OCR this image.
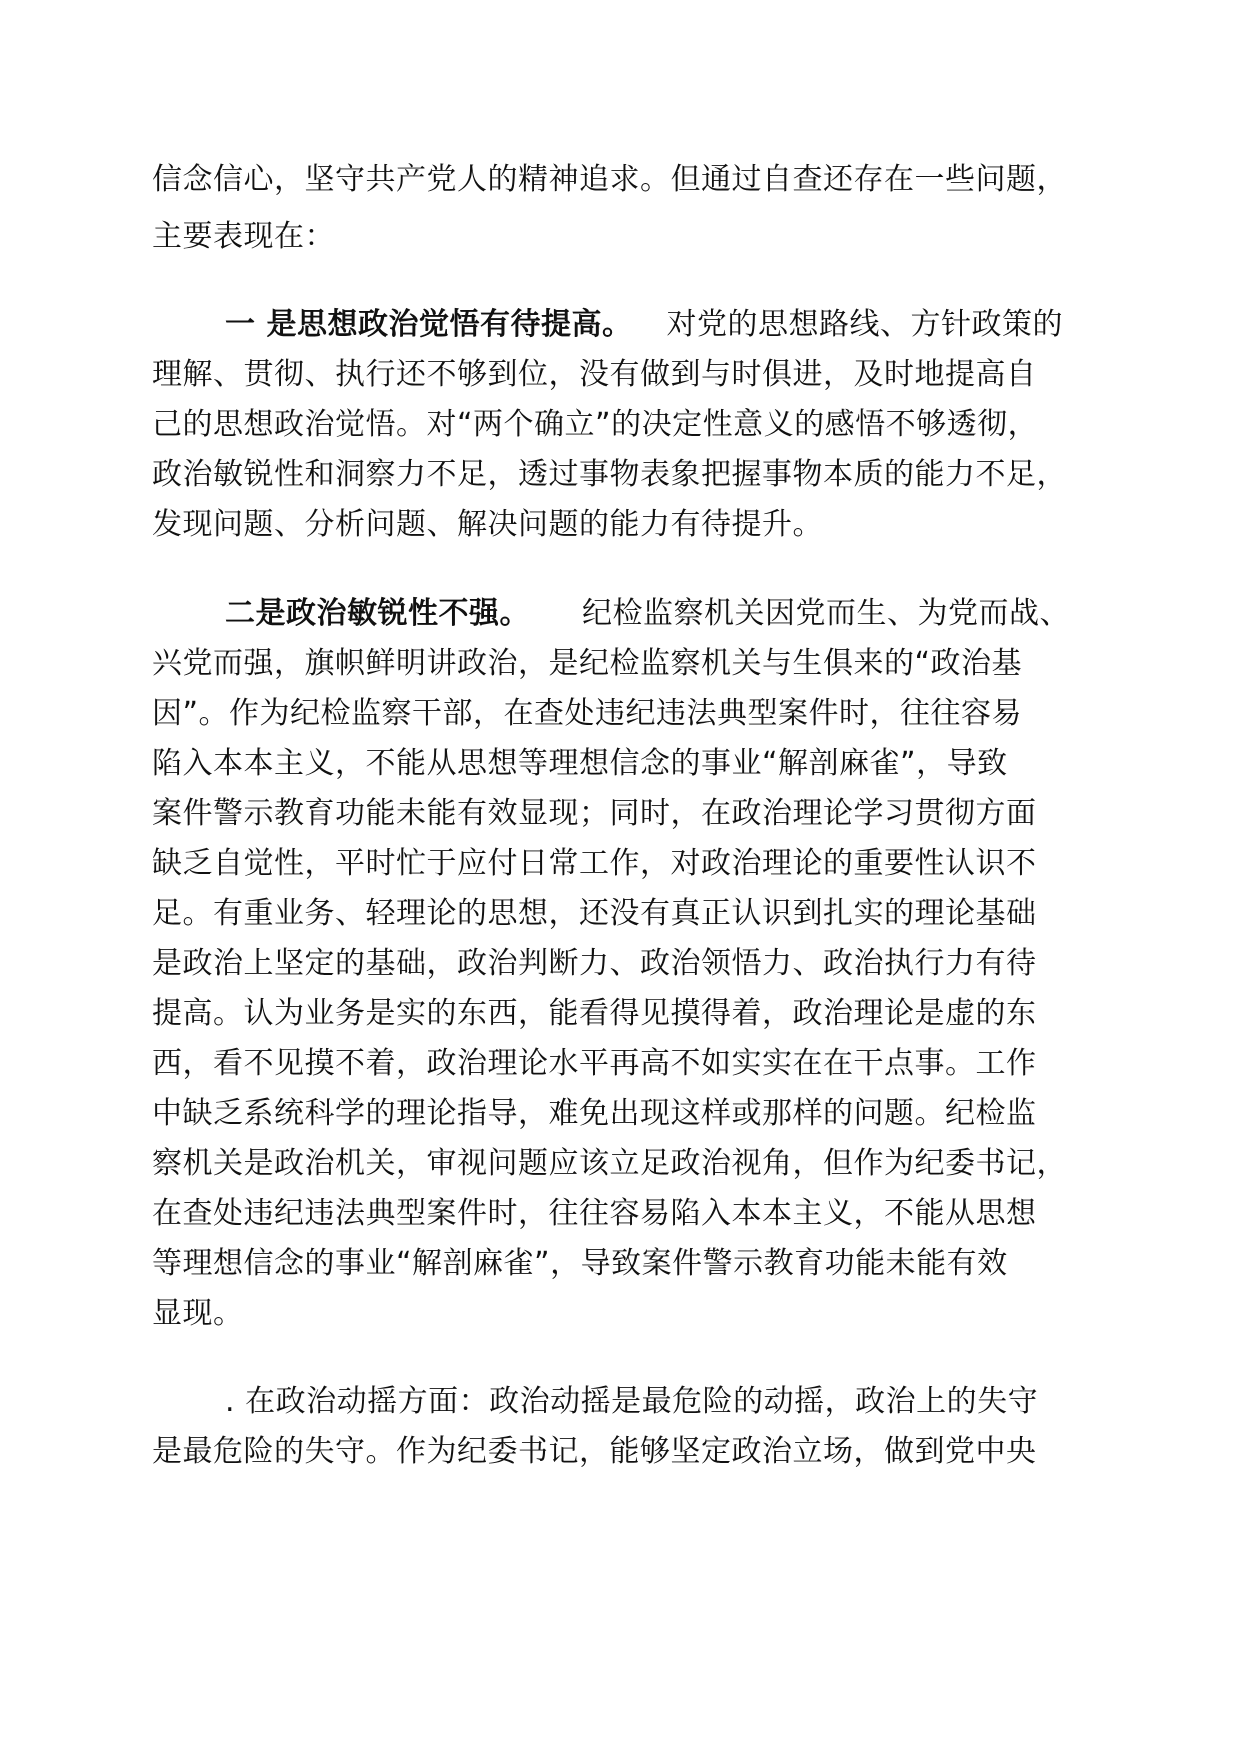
信念信心，坚守共产党人的精神追求。但通过自查还存在一些问题，
主要表现在：
一 是思想政治觉悟有待提高。 对党的思想路线、方针政策的
理解、贯彻、执行还不够到位，没有做到与时俱进，及时地提高自
己的思想政治觉悟。对“两个确立”的决定性意义的感悟不够透彻，
政治敏锐性和洞察力不足，透过事物表象把握事物本质的能力不足，
发现问题、分析问题、解决问题的能力有待提升。
二是政治敏锐性不强。 纪检监察机关因党而生、为党而战、
兴党而强，旗帜鲜明讲政治，是纪检监察机关与生俱来的“政治基
因”。作为纪检监察干部，在查处违纪违法典型案件时，往往容易
陷入本本主义，不能从思想等理想信念的事业“解剖麻雀”，导致
案件警示教育功能未能有效显现；同时，在政治理论学习贯彻方面
缺乏自觉性，平时忙于应付日常工作，对政治理论的重要性认识不
足。有重业务、轻理论的思想，还没有真正认识到扎实的理论基础
是政治上坚定的基础，政治判断力、政治领悟力、政治执行力有待
提高。认为业务是实的东西，能看得见摸得着，政治理论是虚的东
西，看不见摸不着，政治理论水平再高不如实实在在干点事。工作
中缺乏系统科学的理论指导，难免出现这样或那样的问题。纪检监
察机关是政治机关，审视问题应该立足政治视角，但作为纪委书记，
在查处违纪违法典型案件时，往往容易陷入本本主义，不能从思想
等理想信念的事业“解剖麻雀”，导致案件警示教育功能未能有效
显现。
. 在政治动摇方面：政治动摇是最危险的动摇，政治上的失守
是最危险的失守。作为纪委书记，能够坚定政治立场，做到党中央
